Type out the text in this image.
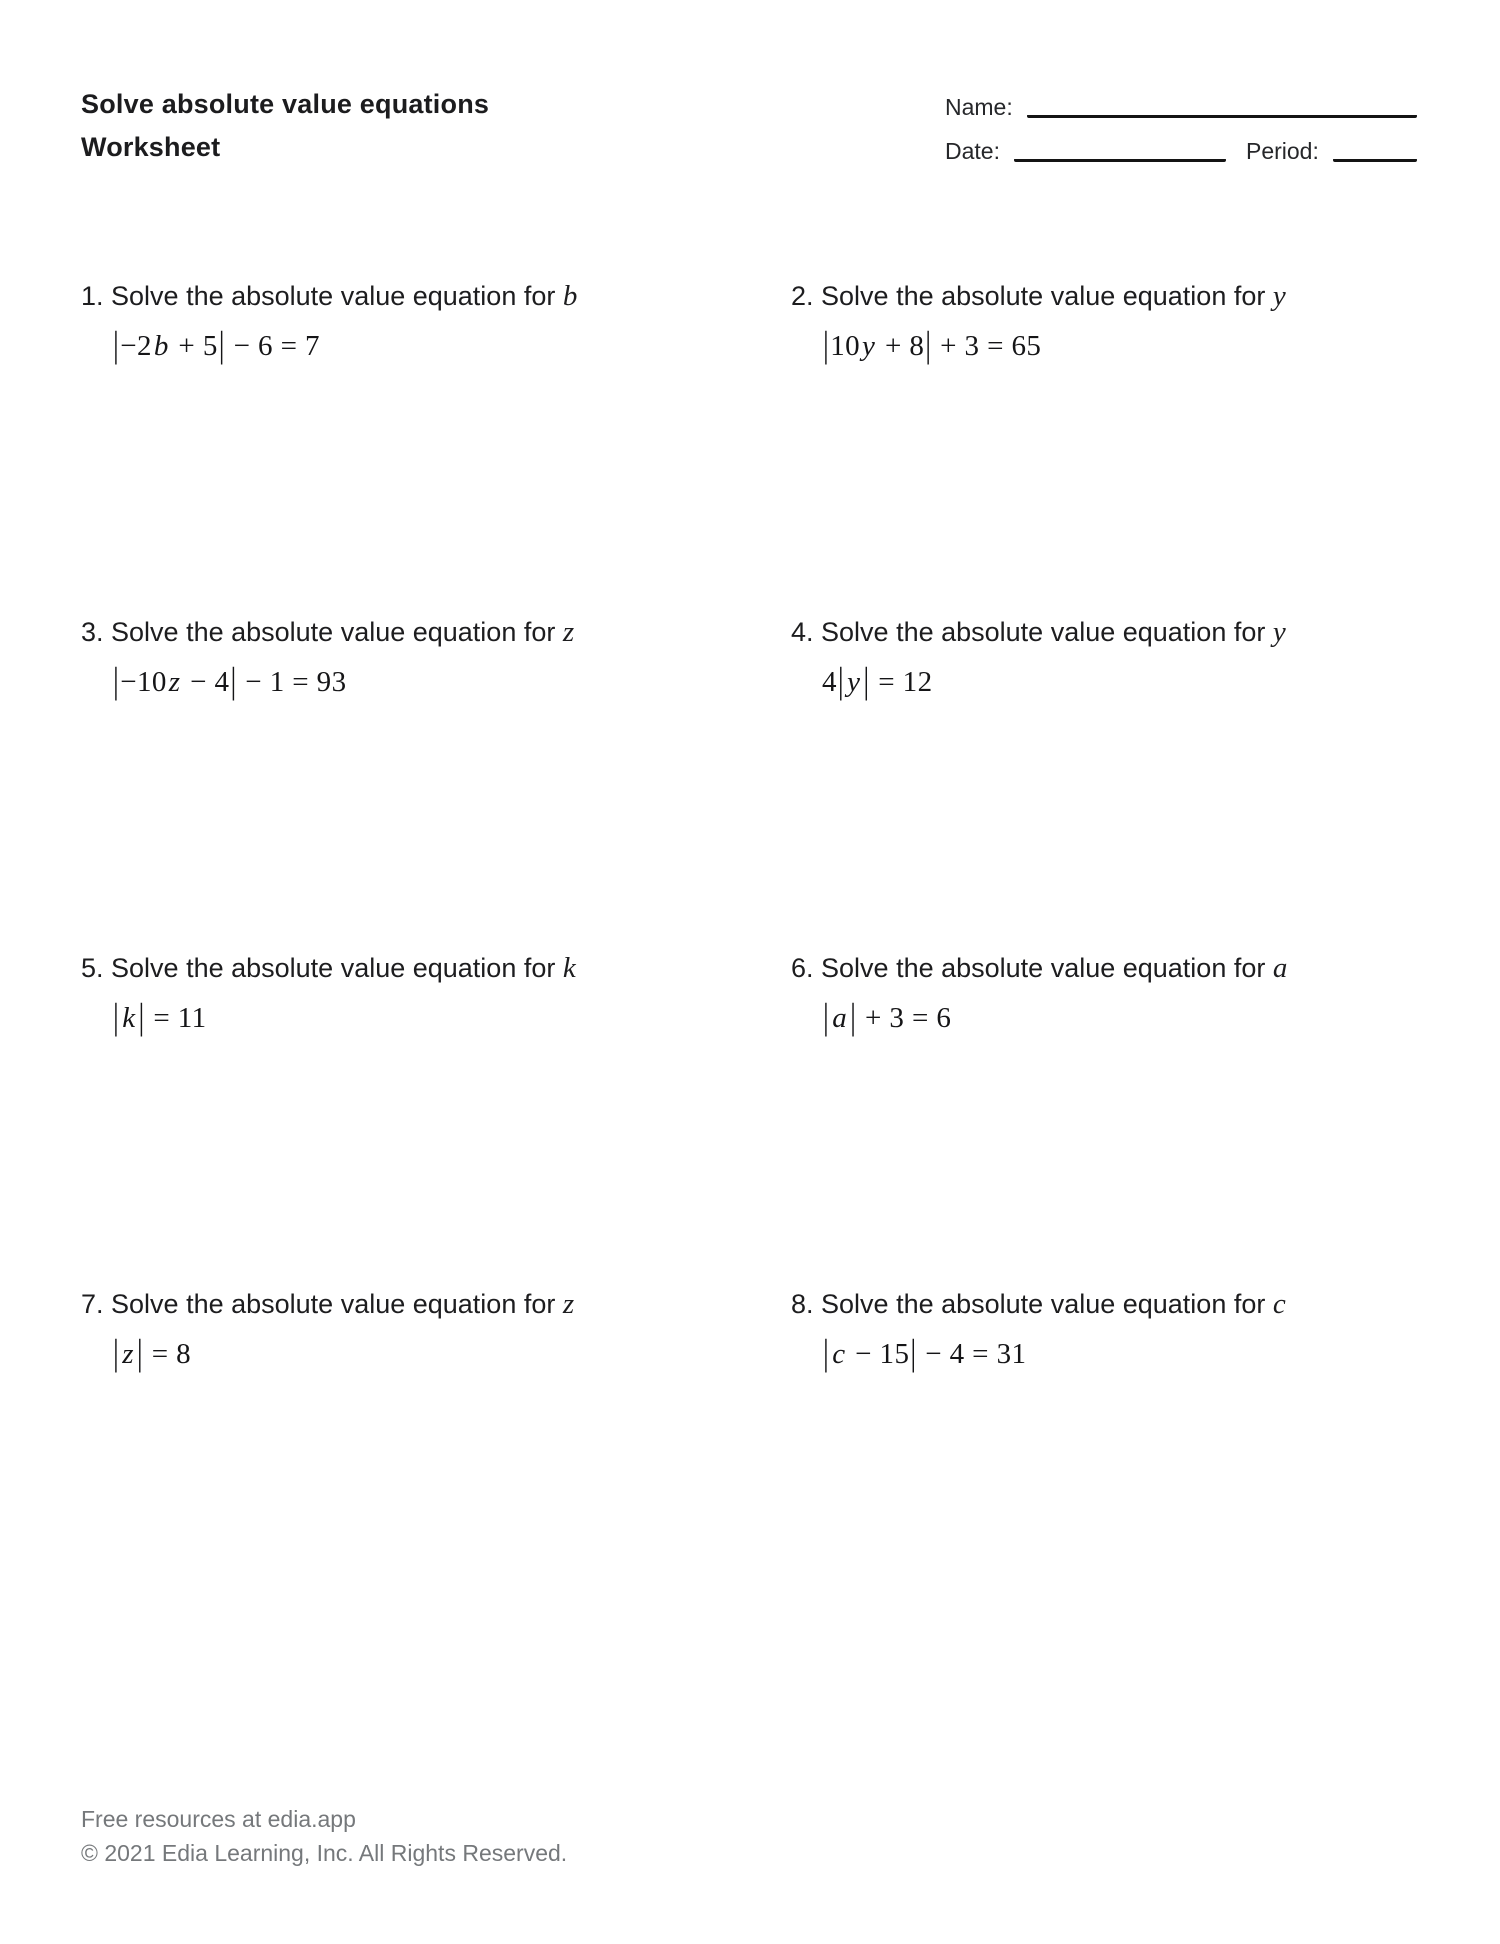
Solve absolute value equations
Worksheet
Name:
Date:	Period:
1. Solve the absolute value equation for b
|−2b + 5| − 6 = 7
2. Solve the absolute value equation for y
|10y + 8| + 3 = 65
3. Solve the absolute value equation for z
|−10z − 4| − 1 = 93
4. Solve the absolute value equation for y
4| y | = 12
5. Solve the absolute value equation for k
| k | = 11
6. Solve the absolute value equation for a
| a | + 3 = 6
7. Solve the absolute value equation for z
| z | = 8
8. Solve the absolute value equation for c
| c − 15| − 4 = 31
Free resources at edia.app
© 2021 Edia Learning, Inc. All Rights Reserved.
